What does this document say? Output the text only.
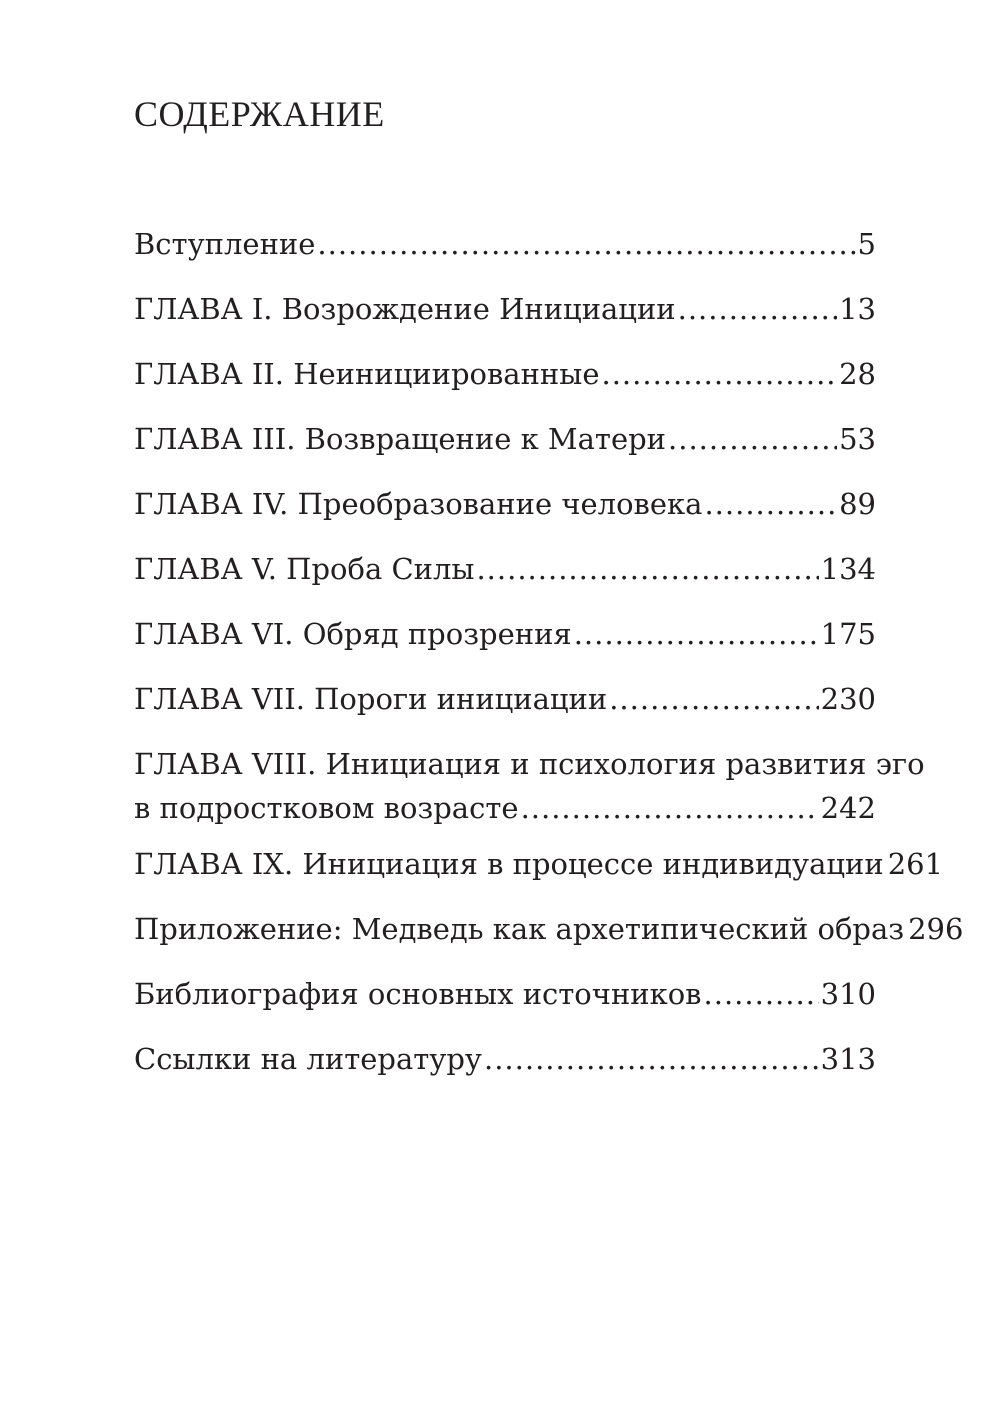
СОДЕРЖАНИЕ
Вступление .....	5
ГЛАВА I. Возрождение Инициации .....	13
ГЛАВА II. Неинициированные .....	28
ГЛАВА III. Возвращение к Матери .....	53
ГЛАВА IV. Преобразование человека .....	89
ГЛАВА V. Проба Силы .....	134
ГЛАВА VI. Обряд прозрения .....	175
ГЛАВА VII. Пороги инициации .....	230
ГЛАВА VIII. Инициация и психология развития эго
в подростковом возрасте .....	242
ГЛАВА IX. Инициация в процессе индивидуации 261
Приложение: Медведь как архетипический образ 296
Библиография основных источников .....	310
Ссылки на литературу .....	313
